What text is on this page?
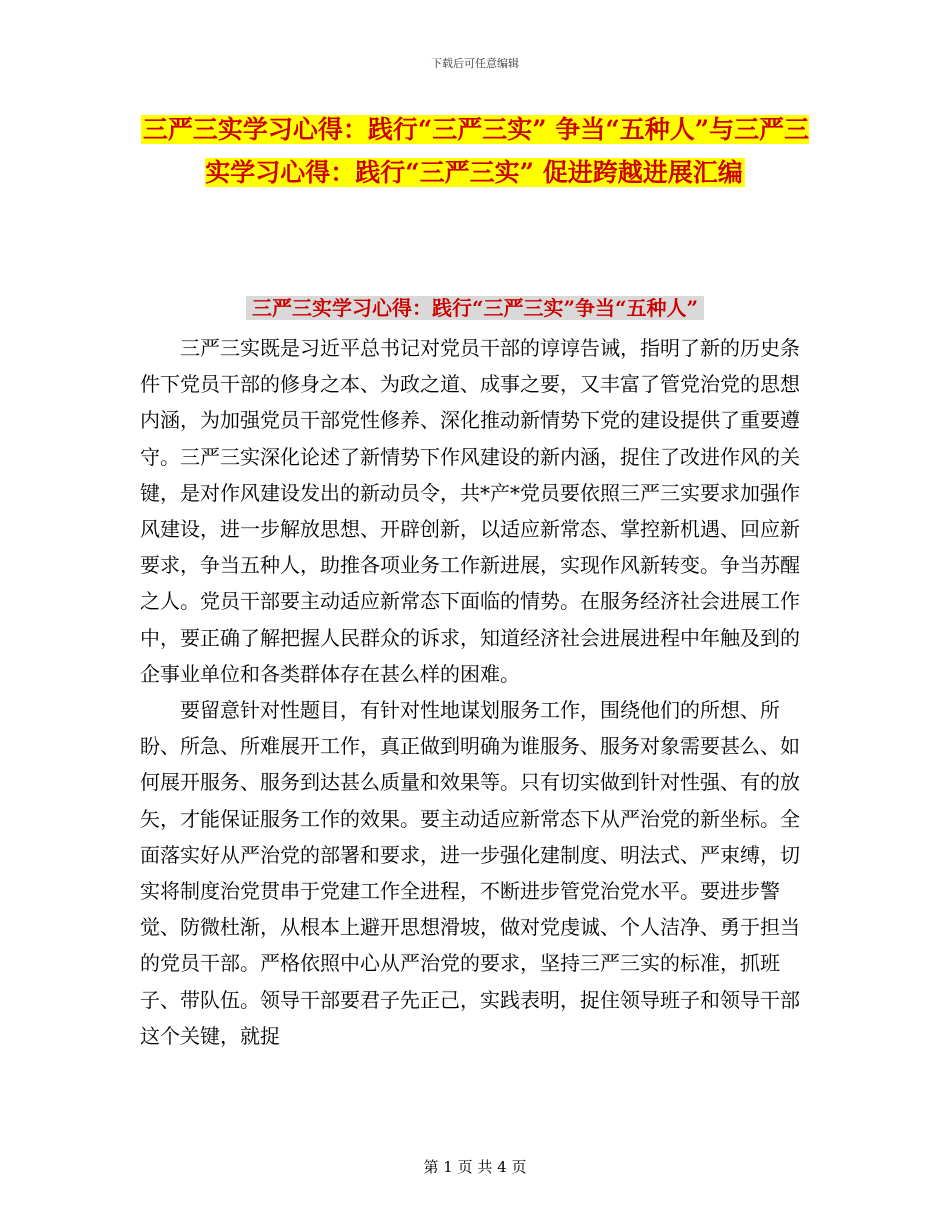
下载后可任意编辑
三严三实学习心得：践行“三严三实” 争当“五种人”与三严三实学习心得：践行“三严三实” 促进跨越进展汇编
三严三实学习心得：践行“三严三实”争当“五种人”

三严三实既是习近平总书记对党员干部的谆谆告诫，指明了新的历史条件下党员干部的修身之本、为政之道、成事之要，又丰富了管党治党的思想内涵，为加强党员干部党性修养、深化推动新情势下党的建设提供了重要遵守。三严三实深化论述了新情势下作风建设的新内涵，捉住了改进作风的关键，是对作风建设发出的新动员令，共*产*党员要依照三严三实要求加强作风建设，进一步解放思想、开辟创新，以适应新常态、掌控新机遇、回应新要求，争当五种人，助推各项业务工作新进展，实现作风新转变。争当苏醒之人。党员干部要主动适应新常态下面临的情势。在服务经济社会进展工作中，要正确了解把握人民群众的诉求，知道经济社会进展进程中年触及到的企事业单位和各类群体存在甚么样的困难。

要留意针对性题目，有针对性地谋划服务工作，围绕他们的所想、所盼、所急、所难展开工作，真正做到明确为谁服务、服务对象需要甚么、如何展开服务、服务到达甚么质量和效果等。只有切实做到针对性强、有的放矢，才能保证服务工作的效果。要主动适应新常态下从严治党的新坐标。全面落实好从严治党的部署和要求，进一步强化建制度、明法式、严束缚，切实将制度治党贯串于党建工作全进程，不断进步管党治党水平。要进步警觉、防微杜渐，从根本上避开思想滑坡，做对党虔诚、个人洁净、勇于担当的党员干部。严格依照中心从严治党的要求，坚持三严三实的标准，抓班子、带队伍。领导干部要君子先正己，实践表明，捉住领导班子和领导干部这个关键，就捉

第 1 页 共 4 页
